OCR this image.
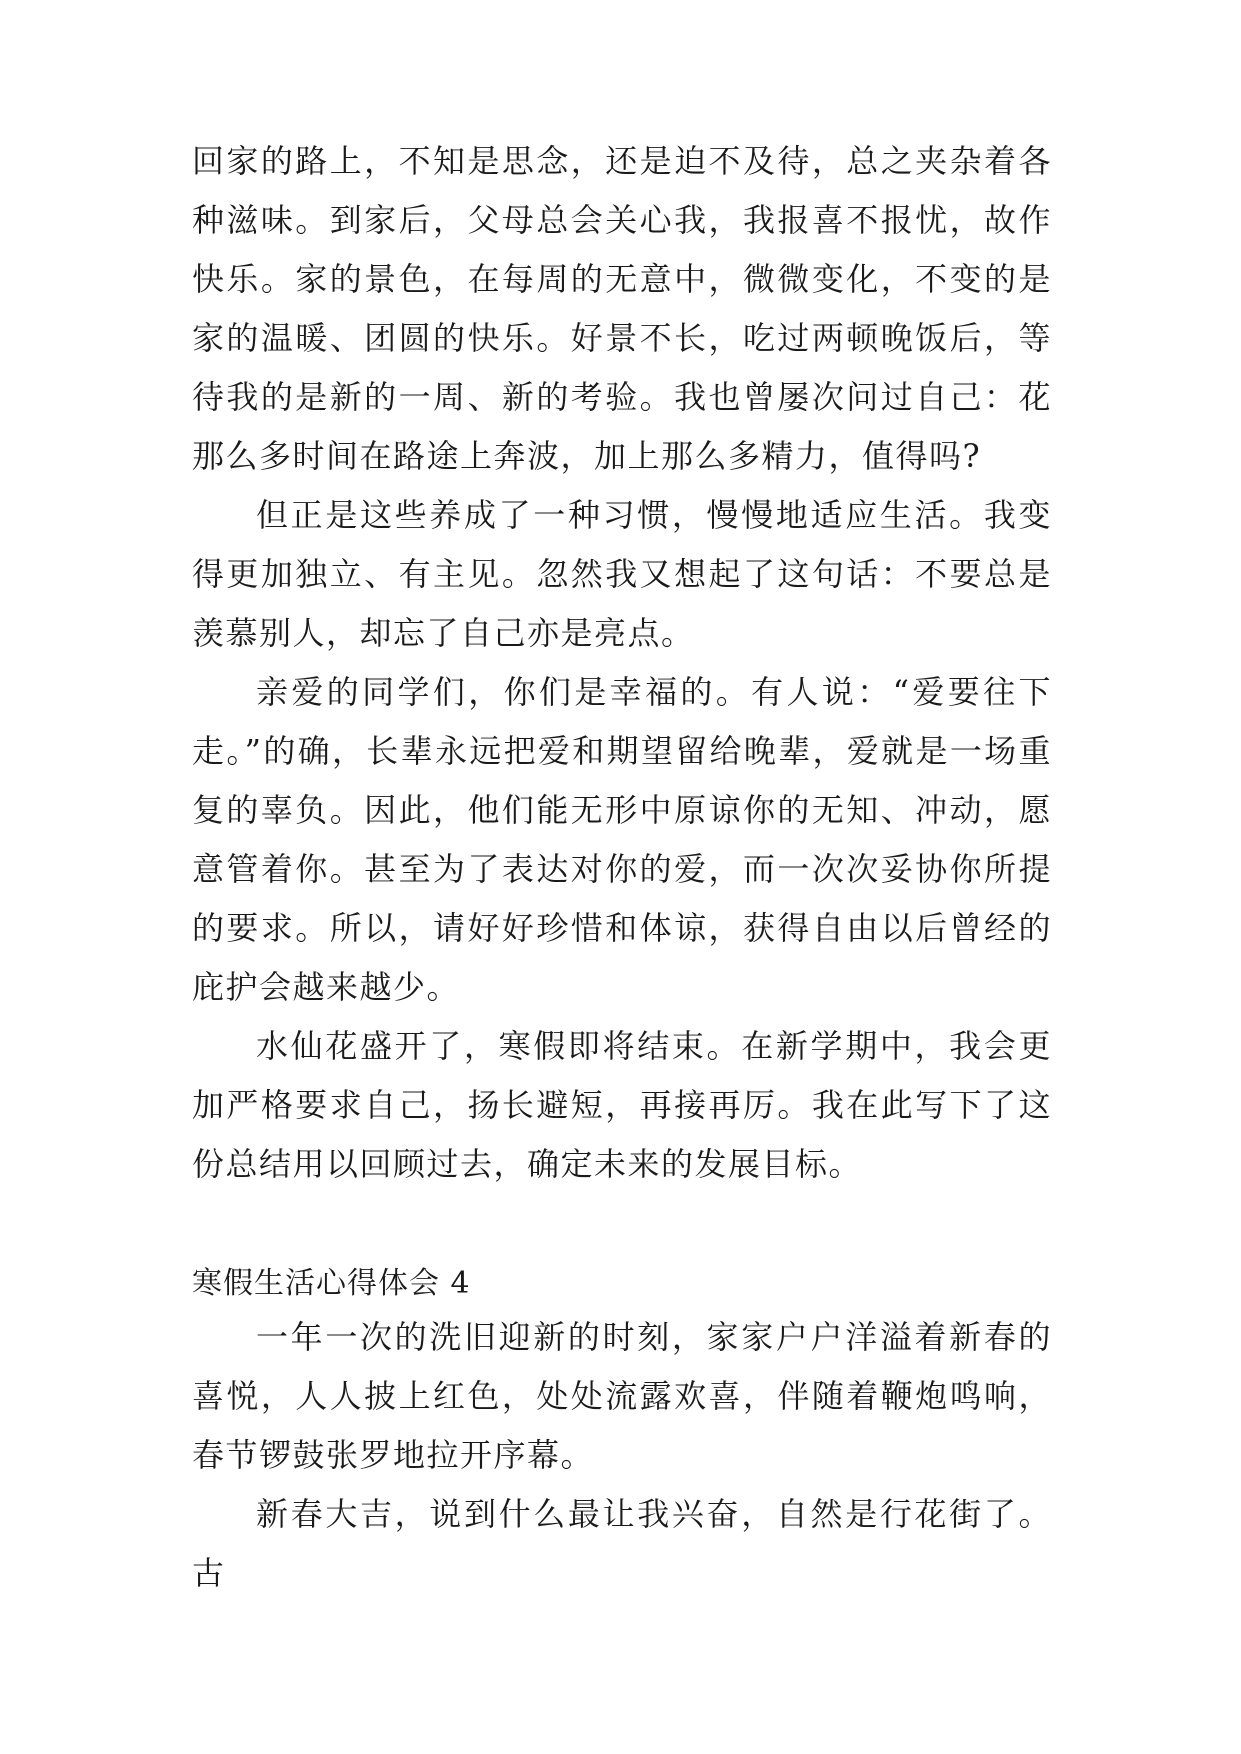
回家的路上，不知是思念，还是迫不及待，总之夹杂着各种滋味。到家后，父母总会关心我，我报喜不报忧，故作快乐。家的景色，在每周的无意中，微微变化，不变的是家的温暖、团圆的快乐。好景不长，吃过两顿晚饭后，等待我的是新的一周、新的考验。我也曾屡次问过自己：花那么多时间在路途上奔波，加上那么多精力，值得吗?

但正是这些养成了一种习惯，慢慢地适应生活。我变得更加独立、有主见。忽然我又想起了这句话：不要总是羡慕别人，却忘了自己亦是亮点。

亲爱的同学们，你们是幸福的。有人说：“爱要往下走。”的确，长辈永远把爱和期望留给晚辈，爱就是一场重复的辜负。因此，他们能无形中原谅你的无知、冲动，愿意管着你。甚至为了表达对你的爱，而一次次妥协你所提的要求。所以，请好好珍惜和体谅，获得自由以后曾经的庇护会越来越少。

水仙花盛开了，寒假即将结束。在新学期中，我会更加严格要求自己，扬长避短，再接再厉。我在此写下了这份总结用以回顾过去，确定未来的发展目标。

寒假生活心得体会 4

一年一次的洗旧迎新的时刻，家家户户洋溢着新春的喜悦，人人披上红色，处处流露欢喜，伴随着鞭炮鸣响，春节锣鼓张罗地拉开序幕。

新春大吉，说到什么最让我兴奋，自然是行花街了。古
